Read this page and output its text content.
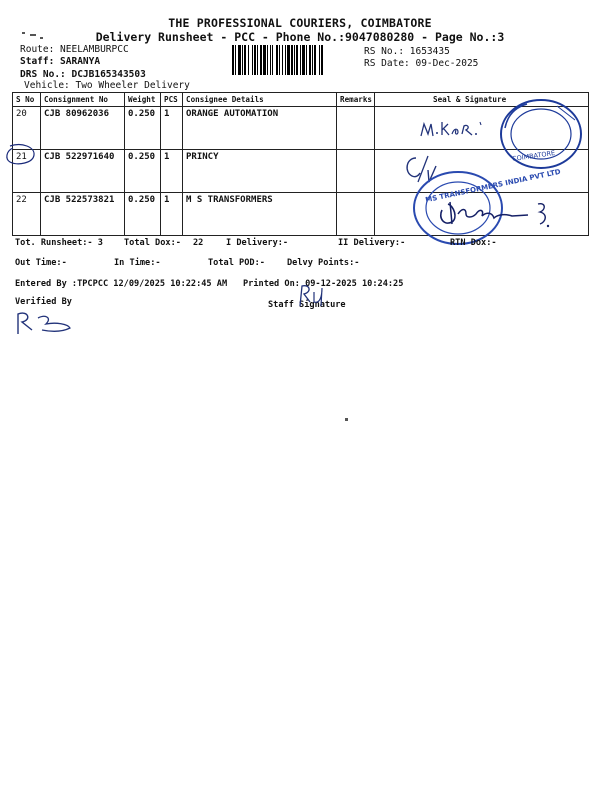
THE PROFESSIONAL COURIERS, COIMBATORE
Delivery Runsheet - PCC - Phone No.:9047080280 - Page No.:3
Route: NEELAMBURPCC
Staff: SARANYA
DRS No.: DCJB165343503
Vehicle: Two Wheeler Delivery
RS No.: 1653435
RS Date: 09-Dec-2025
S No	Consignment No	Weight	PCS	Consignee Details	Remarks	Seal & Signature
20	CJB 80962036	0.250	1	ORANGE AUTOMATION		
21	CJB 522971640	0.250	1	PRINCY		
22	CJB 522573821	0.250	1	M S TRANSFORMERS		
COIMBATORE
MS TRANSFORMERS INDIA PVT LTD
Tot. Runsheet:- 3 Total Dox:- 22	I Delivery:-	II Delivery:-	RTN Dox:-
Out Time:-	In Time:-	Total POD:-	Delvy Points:-
Entered By :TPCPCC 12/09/2025 10:22:45 AM Printed On: 09-12-2025 10:24:25
Verified By	Staff Signature
